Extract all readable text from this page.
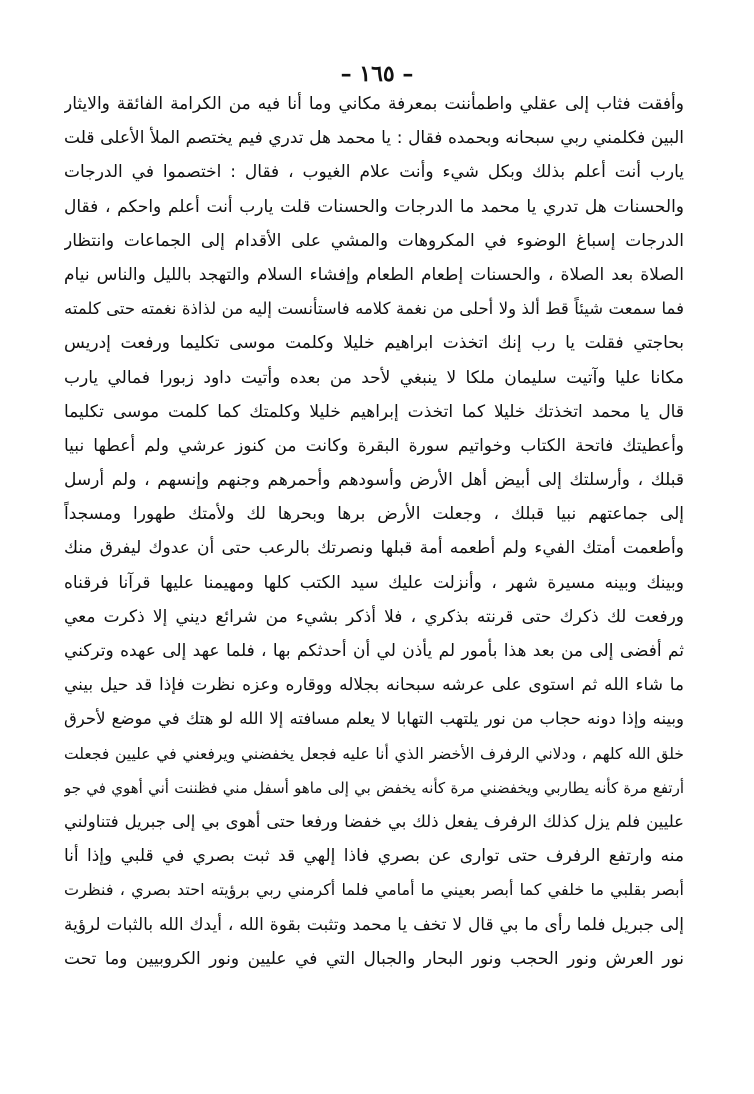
– ١٦٥ –
وأفقت فثاب إلى عقلي واطمأننت بمعرفة مكاني وما أنا فيه من الكرامة الفائقة والايثار
البين فكلمني ربي سبحانه وبحمده فقال : يا محمد هل تدري فيم يختصم الملأ الأعلى قلت
يارب أنت أعلم بذلك وبكل شيء وأنت علام الغيوب ، فقال : اختصموا في الدرجات
والحسنات هل تدري يا محمد ما الدرجات والحسنات قلت يارب أنت أعلم واحكم ، فقال
الدرجات إسباغ الوضوء في المكروهات والمشي على الأقدام إلى الجماعات وانتظار
الصلاة بعد الصلاة ، والحسنات إطعام الطعام وإفشاء السلام والتهجد بالليل والناس نيام
فما سمعت شيئاً قط ألذ ولا أحلى من نغمة كلامه فاستأنست إليه من لذاذة نغمته حتى كلمته
بحاجتي فقلت يا رب إنك اتخذت ابراهيم خليلا وكلمت موسى تكليما ورفعت إدريس
مكانا عليا وآتيت سليمان ملكا لا ينبغي لأحد من بعده وأتيت داود زبورا فمالي يارب
قال يا محمد اتخذتك خليلا كما اتخذت إبراهيم خليلا وكلمتك كما كلمت موسى تكليما
وأعطيتك فاتحة الكتاب وخواتيم سورة البقرة وكانت من كنوز عرشي ولم أعطها نبيا
قبلك ، وأرسلتك إلى أبيض أهل الأرض وأسودهم وأحمرهم وجنهم وإنسهم ، ولم أرسل
إلى جماعتهم نبيا قبلك ، وجعلت الأرض برها وبحرها لك ولأمتك طهورا ومسجداً
وأطعمت أمتك الفيء ولم أطعمه أمة قبلها ونصرتك بالرعب حتى أن عدوك ليفرق منك
وبينك وبينه مسيرة شهر ، وأنزلت عليك سيد الكتب كلها ومهيمنا عليها قرآنا فرقناه
ورفعت لك ذكرك حتى قرنته بذكري ، فلا أذكر بشيء من شرائع ديني إلا ذكرت معي
ثم أفضى إلى من بعد هذا بأمور لم يأذن لي أن أحدثكم بها ، فلما عهد إلى عهده وتركني
ما شاء الله ثم استوى على عرشه سبحانه بجلاله ووقاره وعزه نظرت فإذا قد حيل بيني
وبينه وإذا دونه حجاب من نور يلتهب التهابا لا يعلم مسافته إلا الله لو هتك في موضع لأحرق
خلق الله كلهم ، ودلاني الرفرف الأخضر الذي أنا عليه فجعل يخفضني ويرفعني في عليين فجعلت
أرتفع مرة كأنه يطاربي ويخفضني مرة كأنه يخفض بي إلى ماهو أسفل مني فظننت أني أهوي في جو
عليين فلم يزل كذلك الرفرف يفعل ذلك بي خفضا ورفعا حتى أهوى بي إلى جبريل فتناولني
منه وارتفع الرفرف حتى توارى عن بصري فاذا إلهي قد ثبت بصري في قلبي وإذا أنا
أبصر بقلبي ما خلفي كما أبصر بعيني ما أمامي فلما أكرمني ربي برؤيته احتد بصري ، فنظرت
إلى جبريل فلما رأى ما بي قال لا تخف يا محمد وتثبت بقوة الله ، أيدك الله بالثبات لرؤية
نور العرش ونور الحجب ونور البحار والجبال التي في عليين ونور الكروبيين وما تحت
